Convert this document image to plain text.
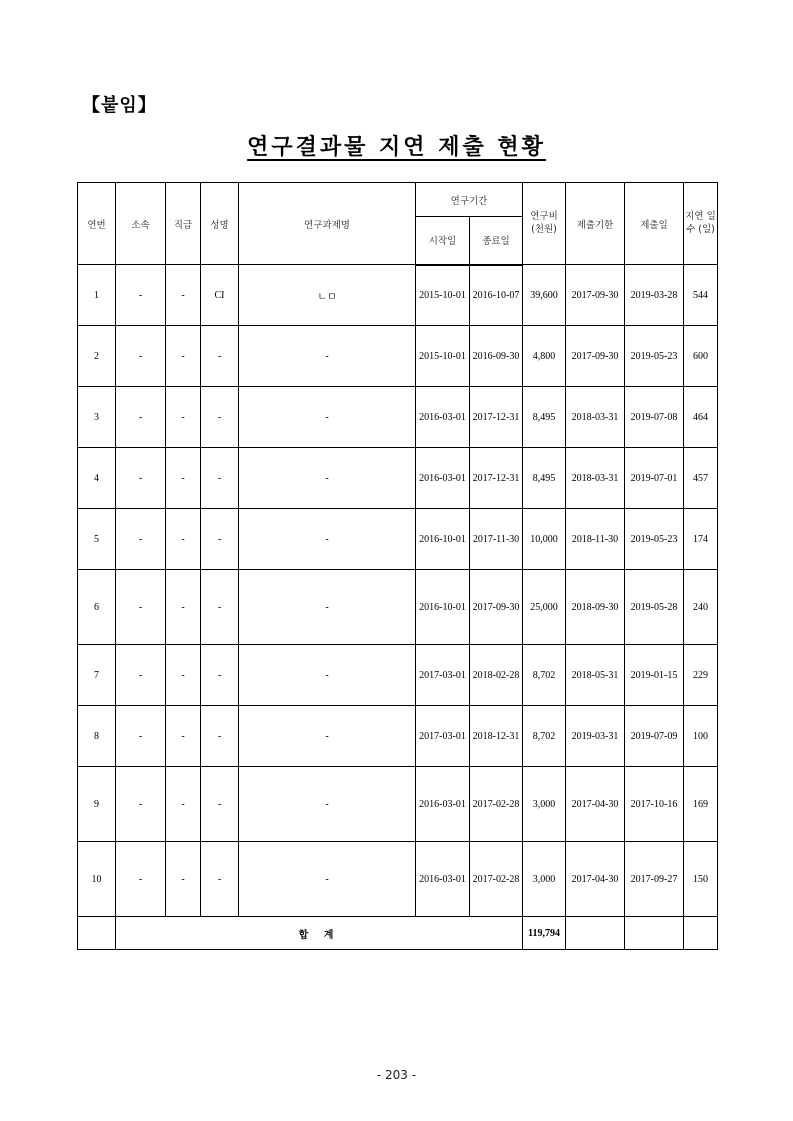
【붙임】
연구결과물 지연 제출 현황
연번	소속	직급	성명	연구과제명	연구기간		연구비 (천원)	제출기한	제출일	지연 일수 (일)
					시작일	종료일				
1	-	-	CI	ㄴㅁ	2015-10-01	2016-10-07	39,600	2017-09-30	2019-03-28	544
2	-	-	-	-	2015-10-01	2016-09-30	4,800	2017-09-30	2019-05-23	600
3	-	-	-	-	2016-03-01	2017-12-31	8,495	2018-03-31	2019-07-08	464
4	-	-	-	-	2016-03-01	2017-12-31	8,495	2018-03-31	2019-07-01	457
5	-	-	-	-	2016-10-01	2017-11-30	10,000	2018-11-30	2019-05-23	174
6	-	-	-	-	2016-10-01	2017-09-30	25,000	2018-09-30	2019-05-28	240
7	-	-	-	-	2017-03-01	2018-02-28	8,702	2018-05-31	2019-01-15	229
8	-	-	-	-	2017-03-01	2018-12-31	8,702	2019-03-31	2019-07-09	100
9	-	-	-	-	2016-03-01	2017-02-28	3,000	2017-04-30	2017-10-16	169
10	-	-	-	-	2016-03-01	2017-02-28	3,000	2017-04-30	2017-09-27	150
	합 계						119,794			
- 203 -
